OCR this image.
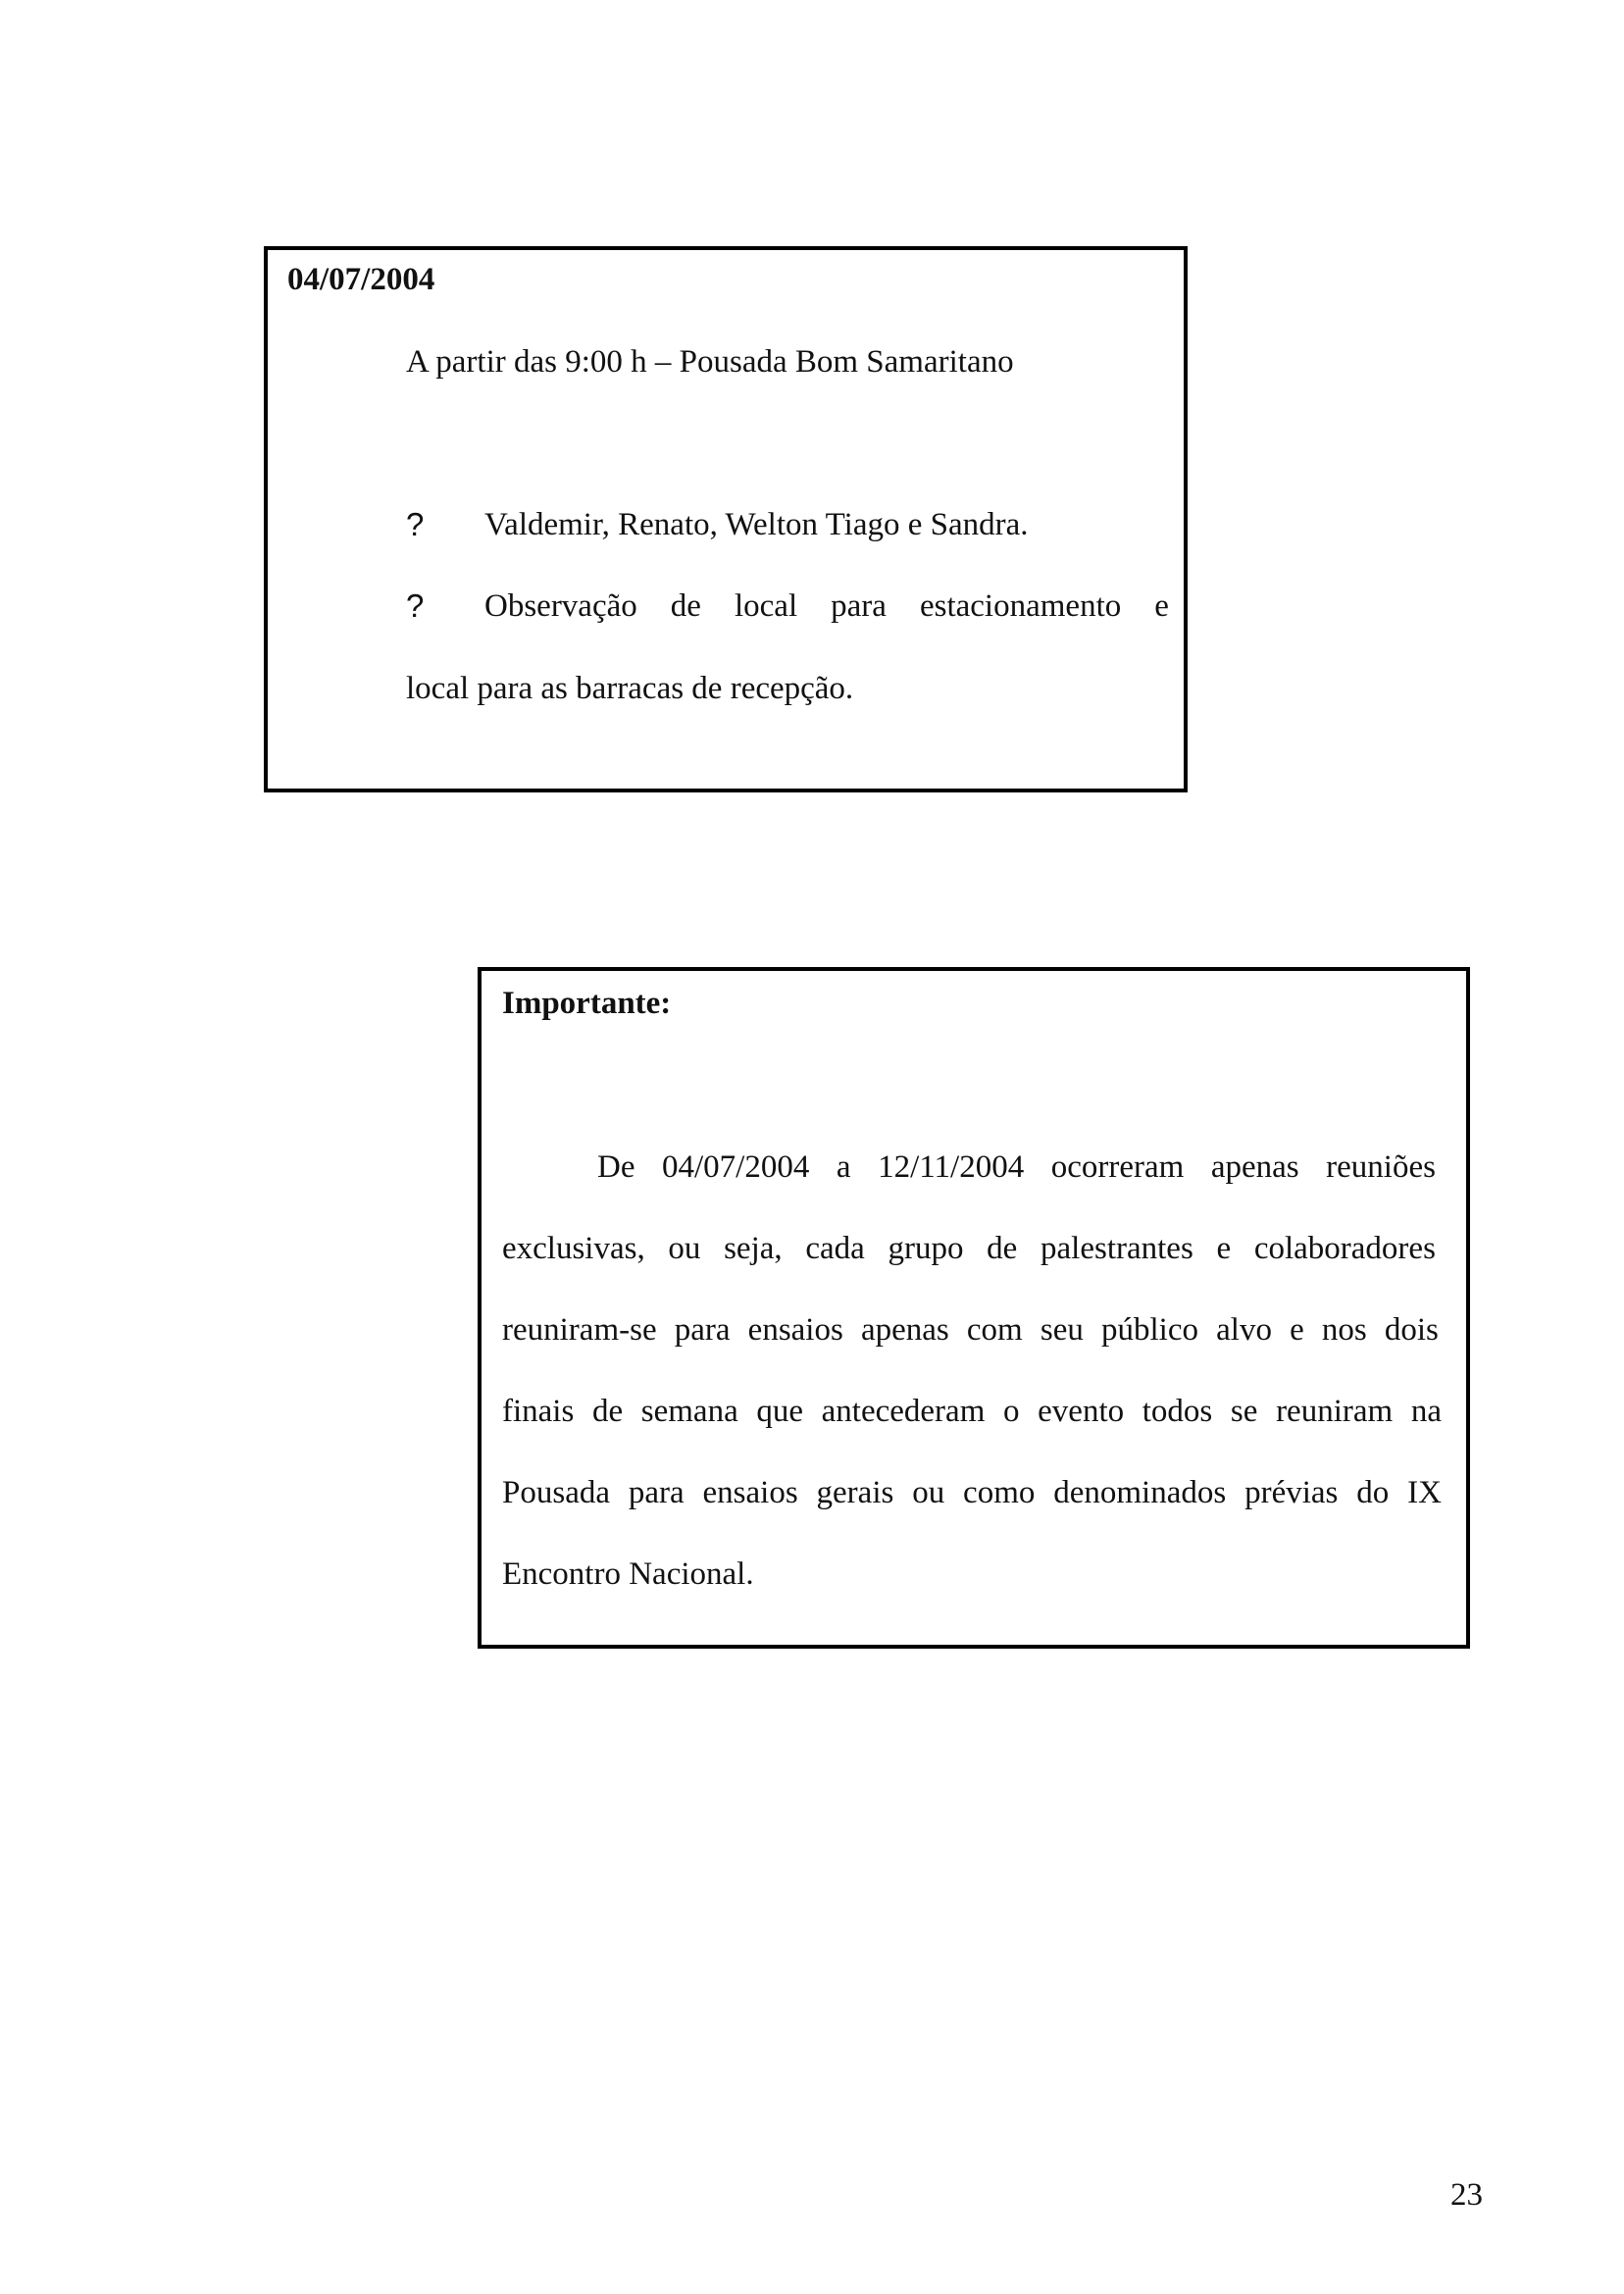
04/07/2004
A partir das 9:00 h – Pousada Bom Samaritano
? Valdemir, Renato, Welton Tiago e Sandra.
? Observação de local para estacionamento e
local para as barracas de recepção.
Importante:
De 04/07/2004 a 12/11/2004 ocorreram apenas reuniões
exclusivas, ou seja, cada grupo de palestrantes e colaboradores
reuniram-se para ensaios apenas com seu público alvo e nos dois
finais de semana que antecederam o evento todos se reuniram na
Pousada para ensaios gerais ou como denominados prévias do IX
Encontro Nacional.
23
